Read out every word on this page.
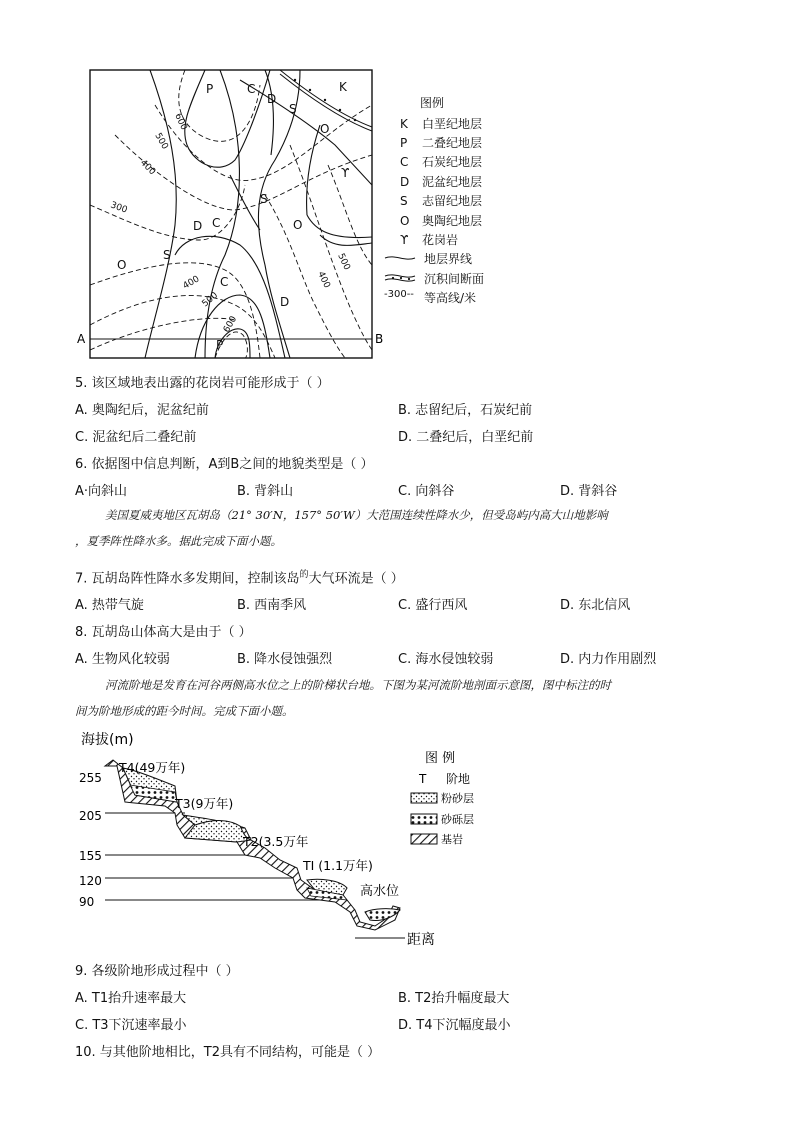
P	C
D
S
O
K
ϒ
C
S
O
D
O
S
C
D
P
600
500
400
300
400
500
400
500
600
A	B
图例
K 白垩纪地层
P 二叠纪地层
C 石炭纪地层
D 泥盆纪地层
S 志留纪地层
O 奥陶纪地层
ϒ 花岗岩
地层界线
沉积间断面
-300-- 等高线/米
5. 该区域地表出露的花岗岩可能形成于（ ）
A. 奥陶纪后，泥盆纪前	B. 志留纪后，石炭纪前
C. 泥盆纪后二叠纪前	D. 二叠纪后，白垩纪前
6. 依据图中信息判断，A到B之间的地貌类型是（ ）
A·向斜山	B. 背斜山	C. 向斜谷	D. 背斜谷
美国夏威夷地区瓦胡岛（21° 30′N，157° 50′W）大范围连续性降水少，但受岛屿内高大山地影响
，夏季阵性降水多。据此完成下面小题。
7. 瓦胡岛阵性降水多发期间，控制该岛$^的$大气环流是（ ）
A. 热带气旋	B. 西南季风	C. 盛行西风	D. 东北信风
8. 瓦胡岛山体高大是由于（ ）
A. 生物风化较弱	B. 降水侵蚀强烈	C. 海水侵蚀较弱	D. 内力作用剧烈
河流阶地是发育在河谷两侧高水位之上的阶梯状台地。下图为某河流阶地剖面示意图，图中标注的时
间为阶地形成的距今时间。完成下面小题。
海拔(m)
255
205
155
120
90
距离
T4(49万年)
T3(9万年)
T2(3.5万年
TI (1.1万年)
高水位
图 例
T 阶地
粉砂层
砂砾层
基岩
9. 各级阶地形成过程中（ ）
A. T1抬升速率最大	B. T2抬升幅度最大
C. T3下沉速率最小	D. T4下沉幅度最小
10. 与其他阶地相比，T2具有不同结构，可能是（ ）
